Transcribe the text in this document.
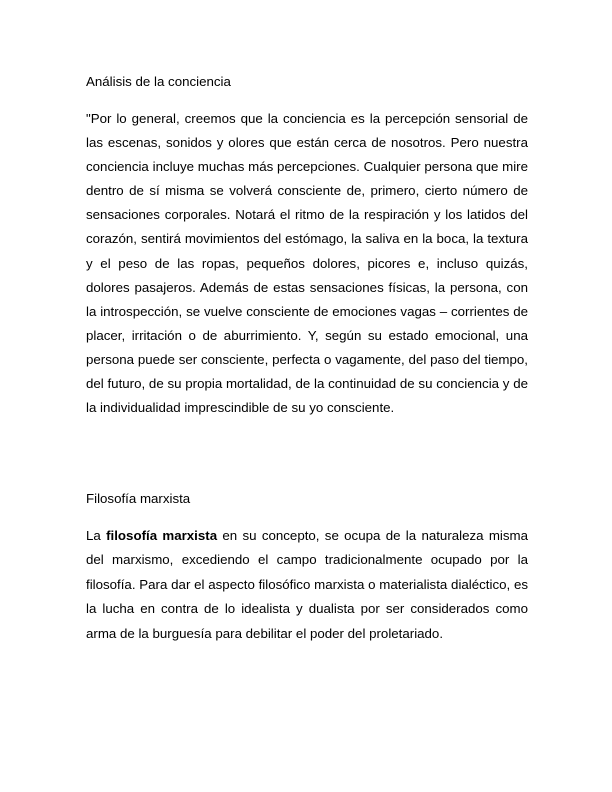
Análisis de la conciencia

"Por lo general, creemos que la conciencia es la percepción sensorial de las escenas, sonidos y olores que están cerca de nosotros. Pero nuestra conciencia incluye muchas más percepciones. Cualquier persona que mire dentro de sí misma se volverá consciente de, primero, cierto número de sensaciones corporales. Notará el ritmo de la respiración y los latidos del corazón, sentirá movimientos del estómago, la saliva en la boca, la textura y el peso de las ropas, pequeños dolores, picores e, incluso quizás, dolores pasajeros. Además de estas sensaciones físicas, la persona, con la introspección, se vuelve consciente de emociones vagas – corrientes de placer, irritación o de aburrimiento. Y, según su estado emocional, una persona puede ser consciente, perfecta o vagamente, del paso del tiempo, del futuro, de su propia mortalidad, de la continuidad de su conciencia y de la individualidad imprescindible de su yo consciente.

Filosofía marxista

La filosofía marxista en su concepto, se ocupa de la naturaleza misma del marxismo, excediendo el campo tradicionalmente ocupado por la filosofía. Para dar el aspecto filosófico marxista o materialista dialéctico, es la lucha en contra de lo idealista y dualista por ser considerados como arma de la burguesía para debilitar el poder del proletariado.
